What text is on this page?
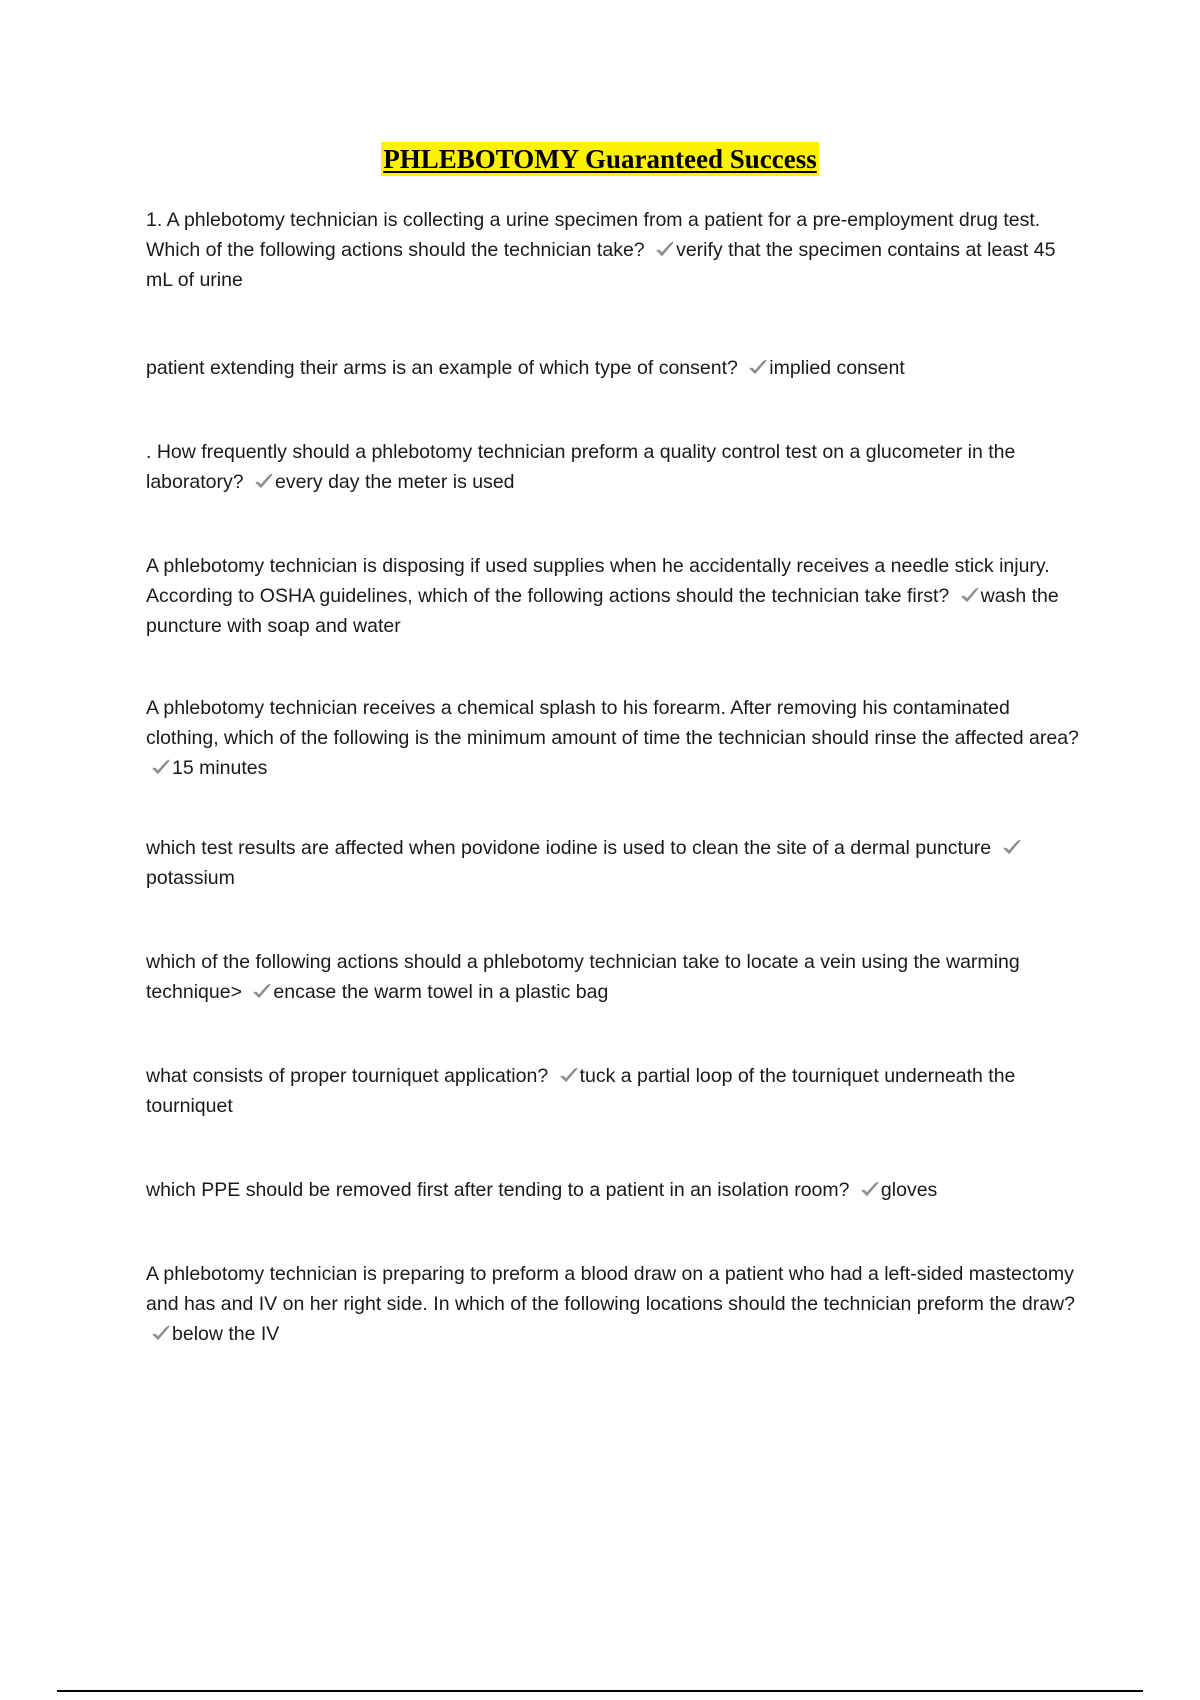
PHLEBOTOMY Guaranteed Success

1. A phlebotomy technician is collecting a urine specimen from a patient for a pre-employment drug test. Which of the following actions should the technician take? verify that the specimen contains at least 45 mL of urine

patient extending their arms is an example of which type of consent? implied consent

. How frequently should a phlebotomy technician preform a quality control test on a glucometer in the laboratory? every day the meter is used

A phlebotomy technician is disposing if used supplies when he accidentally receives a needle stick injury. According to OSHA guidelines, which of the following actions should the technician take first? wash the puncture with soap and water

A phlebotomy technician receives a chemical splash to his forearm. After removing his contaminated clothing, which of the following is the minimum amount of time the technician should rinse the affected area?
15 minutes

which test results are affected when povidone iodine is used to clean the site of a dermal puncture
potassium

which of the following actions should a phlebotomy technician take to locate a vein using the warming technique> encase the warm towel in a plastic bag

what consists of proper tourniquet application? tuck a partial loop of the tourniquet underneath the tourniquet

which PPE should be removed first after tending to a patient in an isolation room? gloves

A phlebotomy technician is preparing to preform a blood draw on a patient who had a left-sided mastectomy and has and IV on her right side. In which of the following locations should the technician preform the draw?
below the IV
